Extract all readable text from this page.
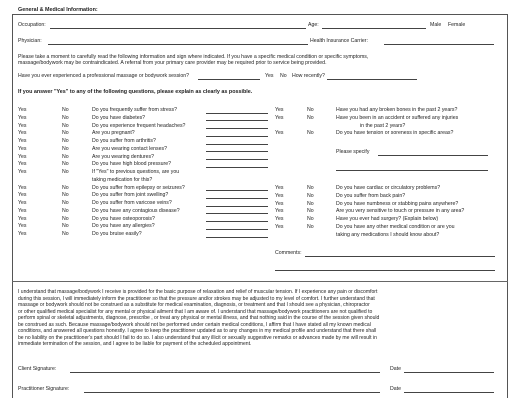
General & Medical Information:
Occupation:	Age:	Male Female
Physician:	Health Insurance Carrier:
Please take a moment to carefully read the following information and sign where indicated. If you have a specific medical condition or specific symptoms,
massage/bodywork may be contraindicated. A referral from your primary care provider may be required prior to service being provided.
Have you ever experienced a professional massage or bodywork session?	Yes No How recently?
If you answer "Yes" to any of the following questions, please explain as clearly as possible.
Please specify
Comments:
Client Signature:	Date
Practitioner Signature:	Date
Yes	No	Do you frequently suffer from stress?
Yes	No	Do you have diabetes?
Yes	No	Do you experience frequent headaches?
Yes	No	Are you pregnant?
Yes	No	Do you suffer from arthritis?
Yes	No	Are you wearing contact lenses?
Yes	No	Are you wearing dentures?
Yes	No	Do you have high blood pressure?
Yes	No	If "Yes" to previous questions, are you
taking medication for this?
Yes	No	Do you suffer from epilepsy or seizures?
Yes	No	Do you suffer from joint swelling?
Yes	No	Do you suffer from varicose veins?
Yes	No	Do you have any contagious disease?
Yes	No	Do you have osteoporosis?
Yes	No	Do you have any allergies?
Yes	No	Do you bruise easily?
Yes	No	Have you had any broken bones in the past 2 years?
Yes	No	Have you been in an accident or suffered any injuries
in the past 2 years?
Yes	No	Do you have tension or soreness in specific areas?
Yes	No	Do you have cardiac or circulatory problems?
Yes	No	Do you suffer from back pain?
Yes	No	Do you have numbness or stabbing pains anywhere?
Yes	No	Are you very sensitive to touch or pressure in any area?
Yes	No	Have you ever had surgery? (Explain below)
Yes	No	Do you have any other medical condition or are you
taking any medications I should know about?
I understand that massage/bodywork I receive is provided for the basic purpose of relaxation and relief of muscular tension. If I experience any pain or discomfort
during this session, I will immediately inform the practitioner so that the pressure and/or strokes may be adjusted to my level of comfort. I further understand that
massage or bodywork should not be construed as a substitute for medical examination, diagnosis, or treatment and that I should see a physician, chiropractor
or other qualified medical specialist for any mental or physical ailment that I am aware of. I understand that massage/bodywork practitioners are not qualified to
perform spinal or skeletal adjustments, diagnose, prescribe , or treat any physical or mental illness, and that nothing said in the course of the session given should
be construed as such. Because massage/bodywork should not be performed under certain medical conditions, I affirm that I have stated all my known medical
conditions, and answered all questions honestly. I agree to keep the practitioner updated as to any changes in my medical profile and understand that there shall
be no liability on the practitioner's part should I fail to do so. I also understand that any illicit or sexually suggestive remarks or advances made by me will result in
immediate termination of the session, and I agree to be liable for payment of the scheduled appointment.
